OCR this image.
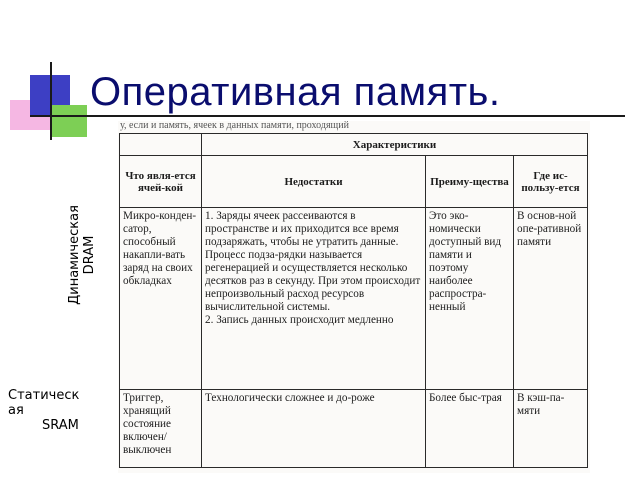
Оперативная память.
у, если и память, ячеек в данных памяти, проходящий
	Характеристики		
Что явля-ется ячей-кой	Недостатки	Преиму-щества	Где ис-пользу-ется
Микро-конден-сатор, способный накапли-вать заряд на своих обкладках	1. Заряды ячеек рассеиваются в пространстве и их приходится все время подзаряжать, чтобы не утратить данные. Процесс подза-рядки называется регенерацией и осуществляется несколько десятков раз в секунду. При этом происходит непроизвольный расход ресурсов вычислительной системы.
2. Запись данных происходит медленно	Это эко-номически доступный вид памяти и поэтому наиболее распростра-ненный	В основ-ной опе-ративной памяти
Триггер, хранящий состояние включен/ выключен	Технологически сложнее и до-роже	Более быс-трая	В кэш-па-мяти
Динамическая DRAM
Статическ
ая
SRAM
